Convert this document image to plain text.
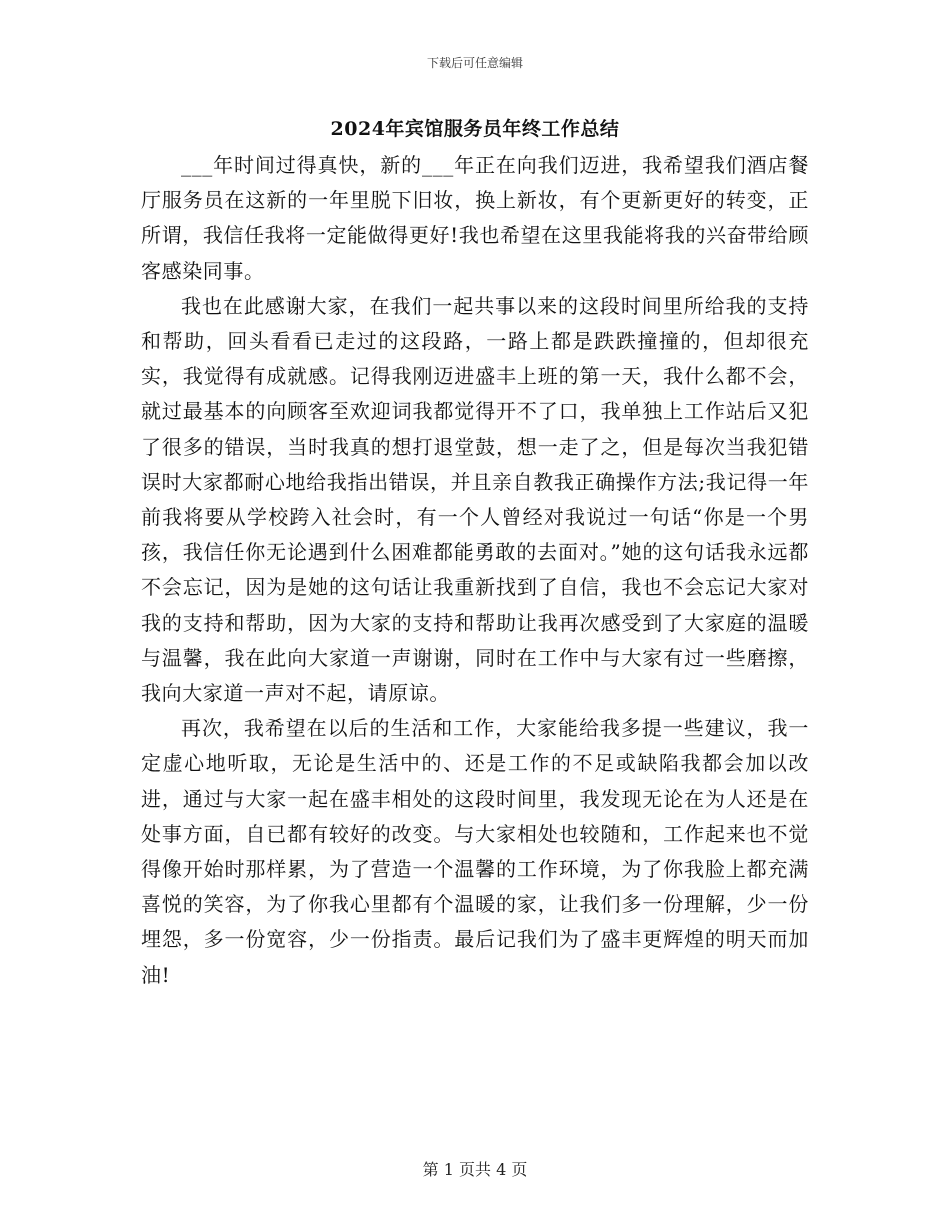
下载后可任意编辑
2024年宾馆服务员年终工作总结

___年时间过得真快，新的___年正在向我们迈进，我希望我们酒店餐厅服务员在这新的一年里脱下旧妆，换上新妆，有个更新更好的转变，正所谓，我信任我将一定能做得更好!我也希望在这里我能将我的兴奋带给顾客感染同事。

我也在此感谢大家，在我们一起共事以来的这段时间里所给我的支持和帮助，回头看看已走过的这段路，一路上都是跌跌撞撞的，但却很充实，我觉得有成就感。记得我刚迈进盛丰上班的第一天，我什么都不会，就过最基本的向顾客至欢迎词我都觉得开不了口，我单独上工作站后又犯了很多的错误，当时我真的想打退堂鼓，想一走了之，但是每次当我犯错误时大家都耐心地给我指出错误，并且亲自教我正确操作方法;我记得一年前我将要从学校跨入社会时，有一个人曾经对我说过一句话“你是一个男孩，我信任你无论遇到什么困难都能勇敢的去面对。”她的这句话我永远都不会忘记，因为是她的这句话让我重新找到了自信，我也不会忘记大家对我的支持和帮助，因为大家的支持和帮助让我再次感受到了大家庭的温暖与温馨，我在此向大家道一声谢谢，同时在工作中与大家有过一些磨擦，我向大家道一声对不起，请原谅。

再次，我希望在以后的生活和工作，大家能给我多提一些建议，我一定虚心地听取，无论是生活中的、还是工作的不足或缺陷我都会加以改进，通过与大家一起在盛丰相处的这段时间里，我发现无论在为人还是在处事方面，自已都有较好的改变。与大家相处也较随和，工作起来也不觉得像开始时那样累，为了营造一个温馨的工作环境，为了你我脸上都充满喜悦的笑容，为了你我心里都有个温暖的家，让我们多一份理解，少一份埋怨，多一份宽容，少一份指责。最后记我们为了盛丰更辉煌的明天而加油!

第 1 页共 4 页
